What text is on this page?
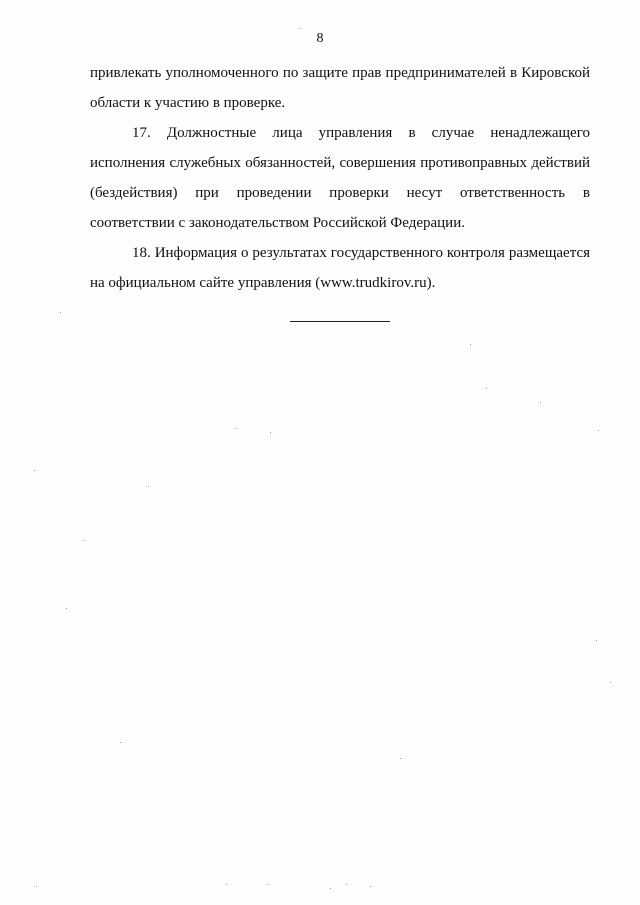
8

привлекать уполномоченного по защите прав предпринимателей в Кировской области к участию в проверке.

17. Должностные лица управления в случае ненадлежащего исполнения служебных обязанностей, совершения противоправных действий (бездействия) при проведении проверки несут ответственность в соответствии с законодательством Российской Федерации.

18. Информация о результатах государственного контроля размещается на официальном сайте управления (www.trudkirov.ru).
